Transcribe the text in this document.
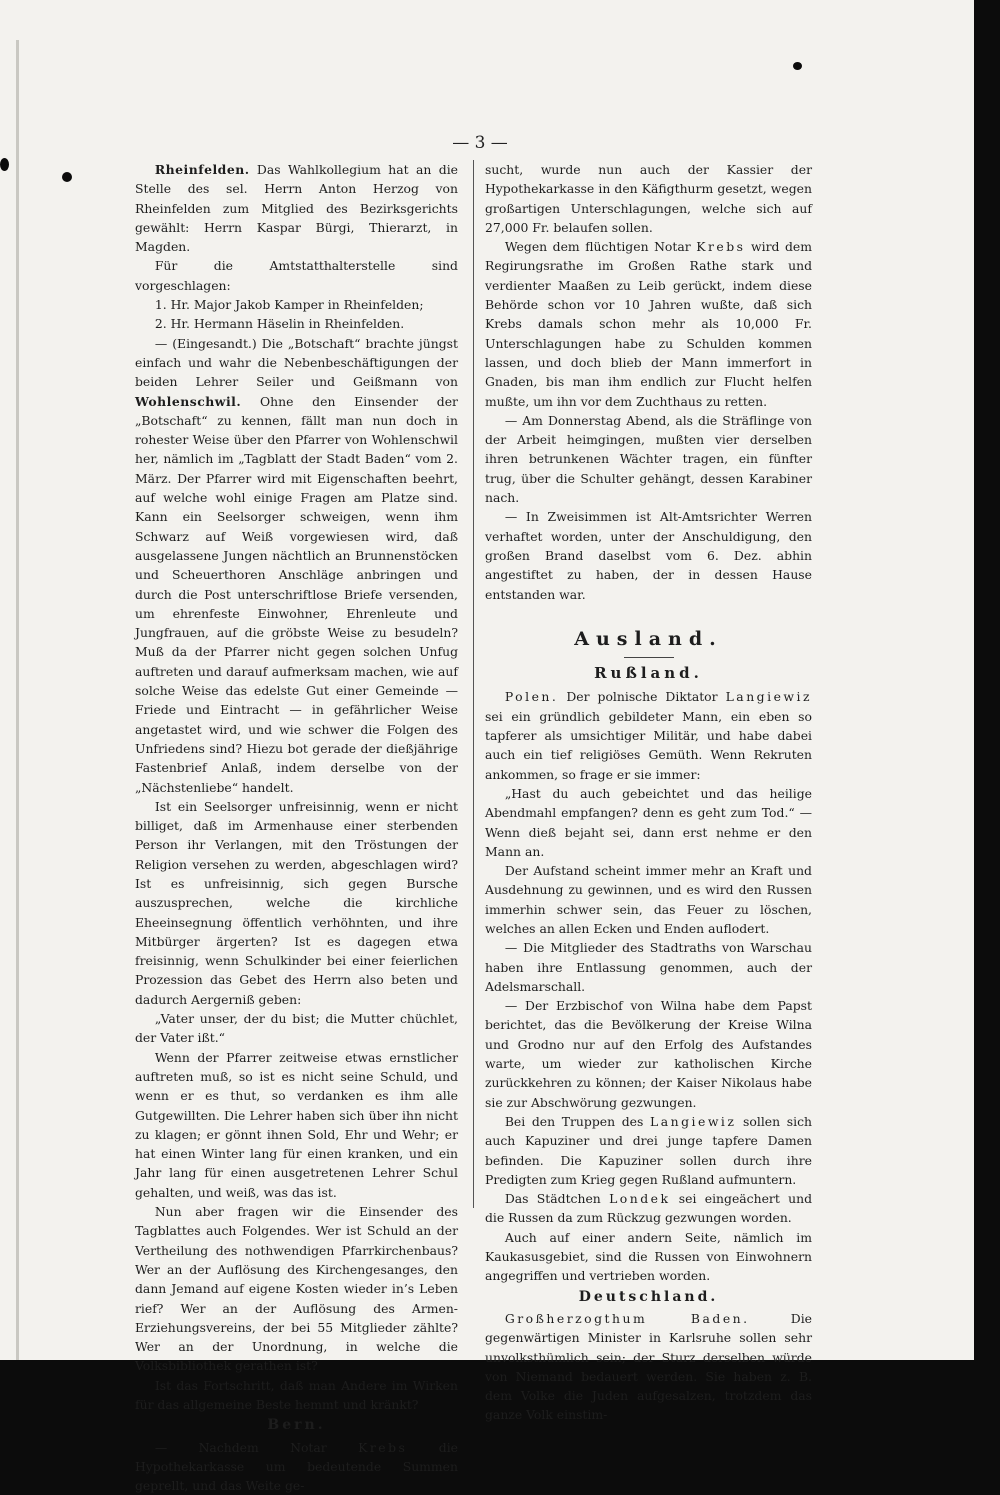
— 3 —

Rheinfelden. Das Wahlkollegium hat an die Stelle des sel. Herrn Anton Herzog von Rheinfelden zum Mitglied des Bezirksgerichts gewählt: Herrn Kaspar Bürgi, Thierarzt, in Magden.

Für die Amtstatthalterstelle sind vorgeschlagen:

1. Hr. Major Jakob Kamper in Rheinfelden;

2. Hr. Hermann Häselin in Rheinfelden.

— (Eingesandt.) Die „Botschaft“ brachte jüngst einfach und wahr die Nebenbeschäftigungen der beiden Lehrer Seiler und Geißmann von Wohlenschwil. Ohne den Einsender der „Botschaft“ zu kennen, fällt man nun doch in rohester Weise über den Pfarrer von Wohlenschwil her, nämlich im „Tagblatt der Stadt Baden“ vom 2. März. Der Pfarrer wird mit Eigenschaften beehrt, auf welche wohl einige Fragen am Platze sind. Kann ein Seelsorger schweigen, wenn ihm Schwarz auf Weiß vorgewiesen wird, daß ausgelassene Jungen nächtlich an Brunnenstöcken und Scheuerthoren Anschläge anbringen und durch die Post unterschriftlose Briefe versenden, um ehrenfeste Einwohner, Ehrenleute und Jungfrauen, auf die gröbste Weise zu besudeln? Muß da der Pfarrer nicht gegen solchen Unfug auftreten und darauf aufmerksam machen, wie auf solche Weise das edelste Gut einer Gemeinde — Friede und Eintracht — in gefährlicher Weise angetastet wird, und wie schwer die Folgen des Unfriedens sind? Hiezu bot gerade der dießjährige Fastenbrief Anlaß, indem derselbe von der „Nächstenliebe“ handelt.

Ist ein Seelsorger unfreisinnig, wenn er nicht billiget, daß im Armenhause einer sterbenden Person ihr Verlangen, mit den Tröstungen der Religion versehen zu werden, abgeschlagen wird? Ist es unfreisinnig, sich gegen Bursche auszusprechen, welche die kirchliche Eheeinsegnung öffentlich verhöhnten, und ihre Mitbürger ärgerten? Ist es dagegen etwa freisinnig, wenn Schulkinder bei einer feierlichen Prozession das Gebet des Herrn also beten und dadurch Aergerniß geben:

„Vater unser, der du bist; die Mutter chüchlet, der Vater ißt.“

Wenn der Pfarrer zeitweise etwas ernstlicher auftreten muß, so ist es nicht seine Schuld, und wenn er es thut, so verdanken es ihm alle Gutgewillten. Die Lehrer haben sich über ihn nicht zu klagen; er gönnt ihnen Sold, Ehr und Wehr; er hat einen Winter lang für einen kranken, und ein Jahr lang für einen ausgetretenen Lehrer Schul gehalten, und weiß, was das ist.

Nun aber fragen wir die Einsender des Tagblattes auch Folgendes. Wer ist Schuld an der Vertheilung des nothwendigen Pfarrkirchenbaus? Wer an der Auflösung des Kirchengesanges, den dann Jemand auf eigene Kosten wieder in’s Leben rief? Wer an der Auflösung des Armen-Erziehungsvereins, der bei 55 Mitglieder zählte? Wer an der Unordnung, in welche die Volksbibliothek gerathen ist?

Ist das Fortschritt, daß man Andere im Wirken für das allgemeine Beste hemmt und kränkt?

Bern.

— Nachdem Notar Krebs die Hypothekarkasse um bedeutende Summen geprellt, und das Weite ge-

sucht, wurde nun auch der Kassier der Hypothekarkasse in den Käfigthurm gesetzt, wegen großartigen Unterschlagungen, welche sich auf 27,000 Fr. belaufen sollen.

Wegen dem flüchtigen Notar Krebs wird dem Regirungsrathe im Großen Rathe stark und verdienter Maaßen zu Leib gerückt, indem diese Behörde schon vor 10 Jahren wußte, daß sich Krebs damals schon mehr als 10,000 Fr. Unterschlagungen habe zu Schulden kommen lassen, und doch blieb der Mann immerfort in Gnaden, bis man ihm endlich zur Flucht helfen mußte, um ihn vor dem Zuchthaus zu retten.

— Am Donnerstag Abend, als die Sträflinge von der Arbeit heimgingen, mußten vier derselben ihren betrunkenen Wächter tragen, ein fünfter trug, über die Schulter gehängt, dessen Karabiner nach.

— In Zweisimmen ist Alt-Amtsrichter Werren verhaftet worden, unter der Anschuldigung, den großen Brand daselbst vom 6. Dez. abhin angestiftet zu haben, der in dessen Hause entstanden war.

Ausland.
Rußland.

Polen. Der polnische Diktator Langiewiz sei ein gründlich gebildeter Mann, ein eben so tapferer als umsichtiger Militär, und habe dabei auch ein tief religiöses Gemüth. Wenn Rekruten ankommen, so frage er sie immer:

„Hast du auch gebeichtet und das heilige Abendmahl empfangen? denn es geht zum Tod.“ — Wenn dieß bejaht sei, dann erst nehme er den Mann an.

Der Aufstand scheint immer mehr an Kraft und Ausdehnung zu gewinnen, und es wird den Russen immerhin schwer sein, das Feuer zu löschen, welches an allen Ecken und Enden auflodert.

— Die Mitglieder des Stadtraths von Warschau haben ihre Entlassung genommen, auch der Adelsmarschall.

— Der Erzbischof von Wilna habe dem Papst berichtet, das die Bevölkerung der Kreise Wilna und Grodno nur auf den Erfolg des Aufstandes warte, um wieder zur katholischen Kirche zurückkehren zu können; der Kaiser Nikolaus habe sie zur Abschwörung gezwungen.

Bei den Truppen des Langiewiz sollen sich auch Kapuziner und drei junge tapfere Damen befinden. Die Kapuziner sollen durch ihre Predigten zum Krieg gegen Rußland aufmuntern.

Das Städtchen Londek sei eingeächert und die Russen da zum Rückzug gezwungen worden.

Auch auf einer andern Seite, nämlich im Kaukasusgebiet, sind die Russen von Einwohnern angegriffen und vertrieben worden.

Deutschland.

Großherzogthum Baden. Die gegenwärtigen Minister in Karlsruhe sollen sehr unvolksthümlich sein; der Sturz derselben würde von Niemand bedauert werden. Sie haben z. B. dem Volke die Juden aufgesalzen, trotzdem das ganze Volk einstim-
